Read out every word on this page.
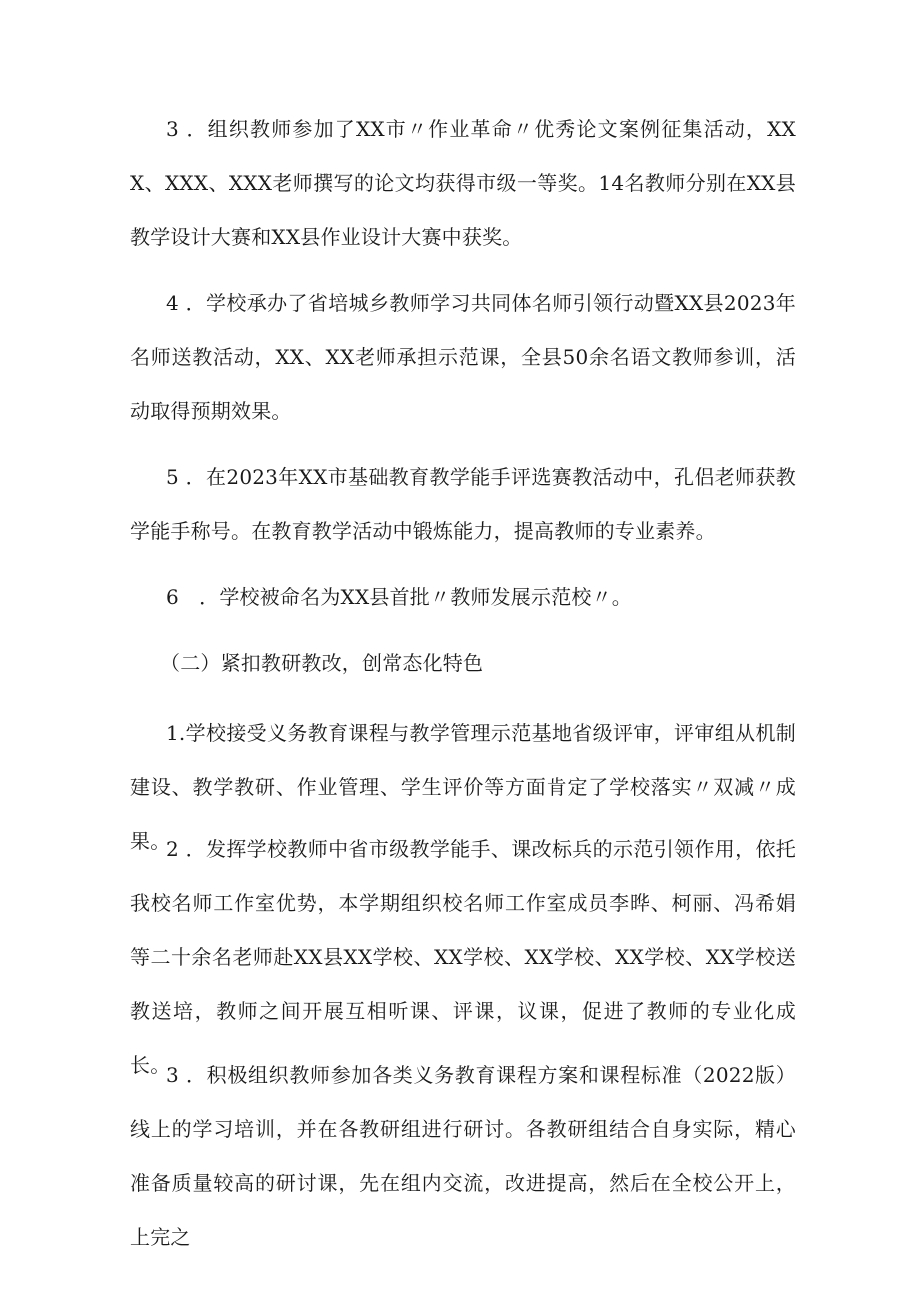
3 ．组织教师参加了XX市〃作业革命〃优秀论文案例征集活动，XXX、XXX、XXX老师撰写的论文均获得市级一等奖。14名教师分别在XX县教学设计大赛和XX县作业设计大赛中获奖。

4 ．学校承办了省培城乡教师学习共同体名师引领行动暨XX县2023年名师送教活动，XX、XX老师承担示范课，全县50余名语文教师参训，活动取得预期效果。

5 ．在2023年XX市基础教育教学能手评选赛教活动中，孔侣老师获教学能手称号。在教育教学活动中锻炼能力，提高教师的专业素养。

6　．学校被命名为XX县首批〃教师发展示范校〃。

（二）紧扣教研教改，创常态化特色

1.学校接受义务教育课程与教学管理示范基地省级评审，评审组从机制建设、教学教研、作业管理、学生评价等方面肯定了学校落实〃双减〃成果。

2 ．发挥学校教师中省市级教学能手、课改标兵的示范引领作用，依托我校名师工作室优势，本学期组织校名师工作室成员李晔、柯丽、冯希娟等二十余名老师赴XX县XX学校、XX学校、XX学校、XX学校、XX学校送教送培，教师之间开展互相听课、评课，议课，促进了教师的专业化成长。

3 ．积极组织教师参加各类义务教育课程方案和课程标准（2022版）线上的学习培训，并在各教研组进行研讨。各教研组结合自身实际，精心准备质量较高的研讨课，先在组内交流，改进提高，然后在全校公开上，上完之
